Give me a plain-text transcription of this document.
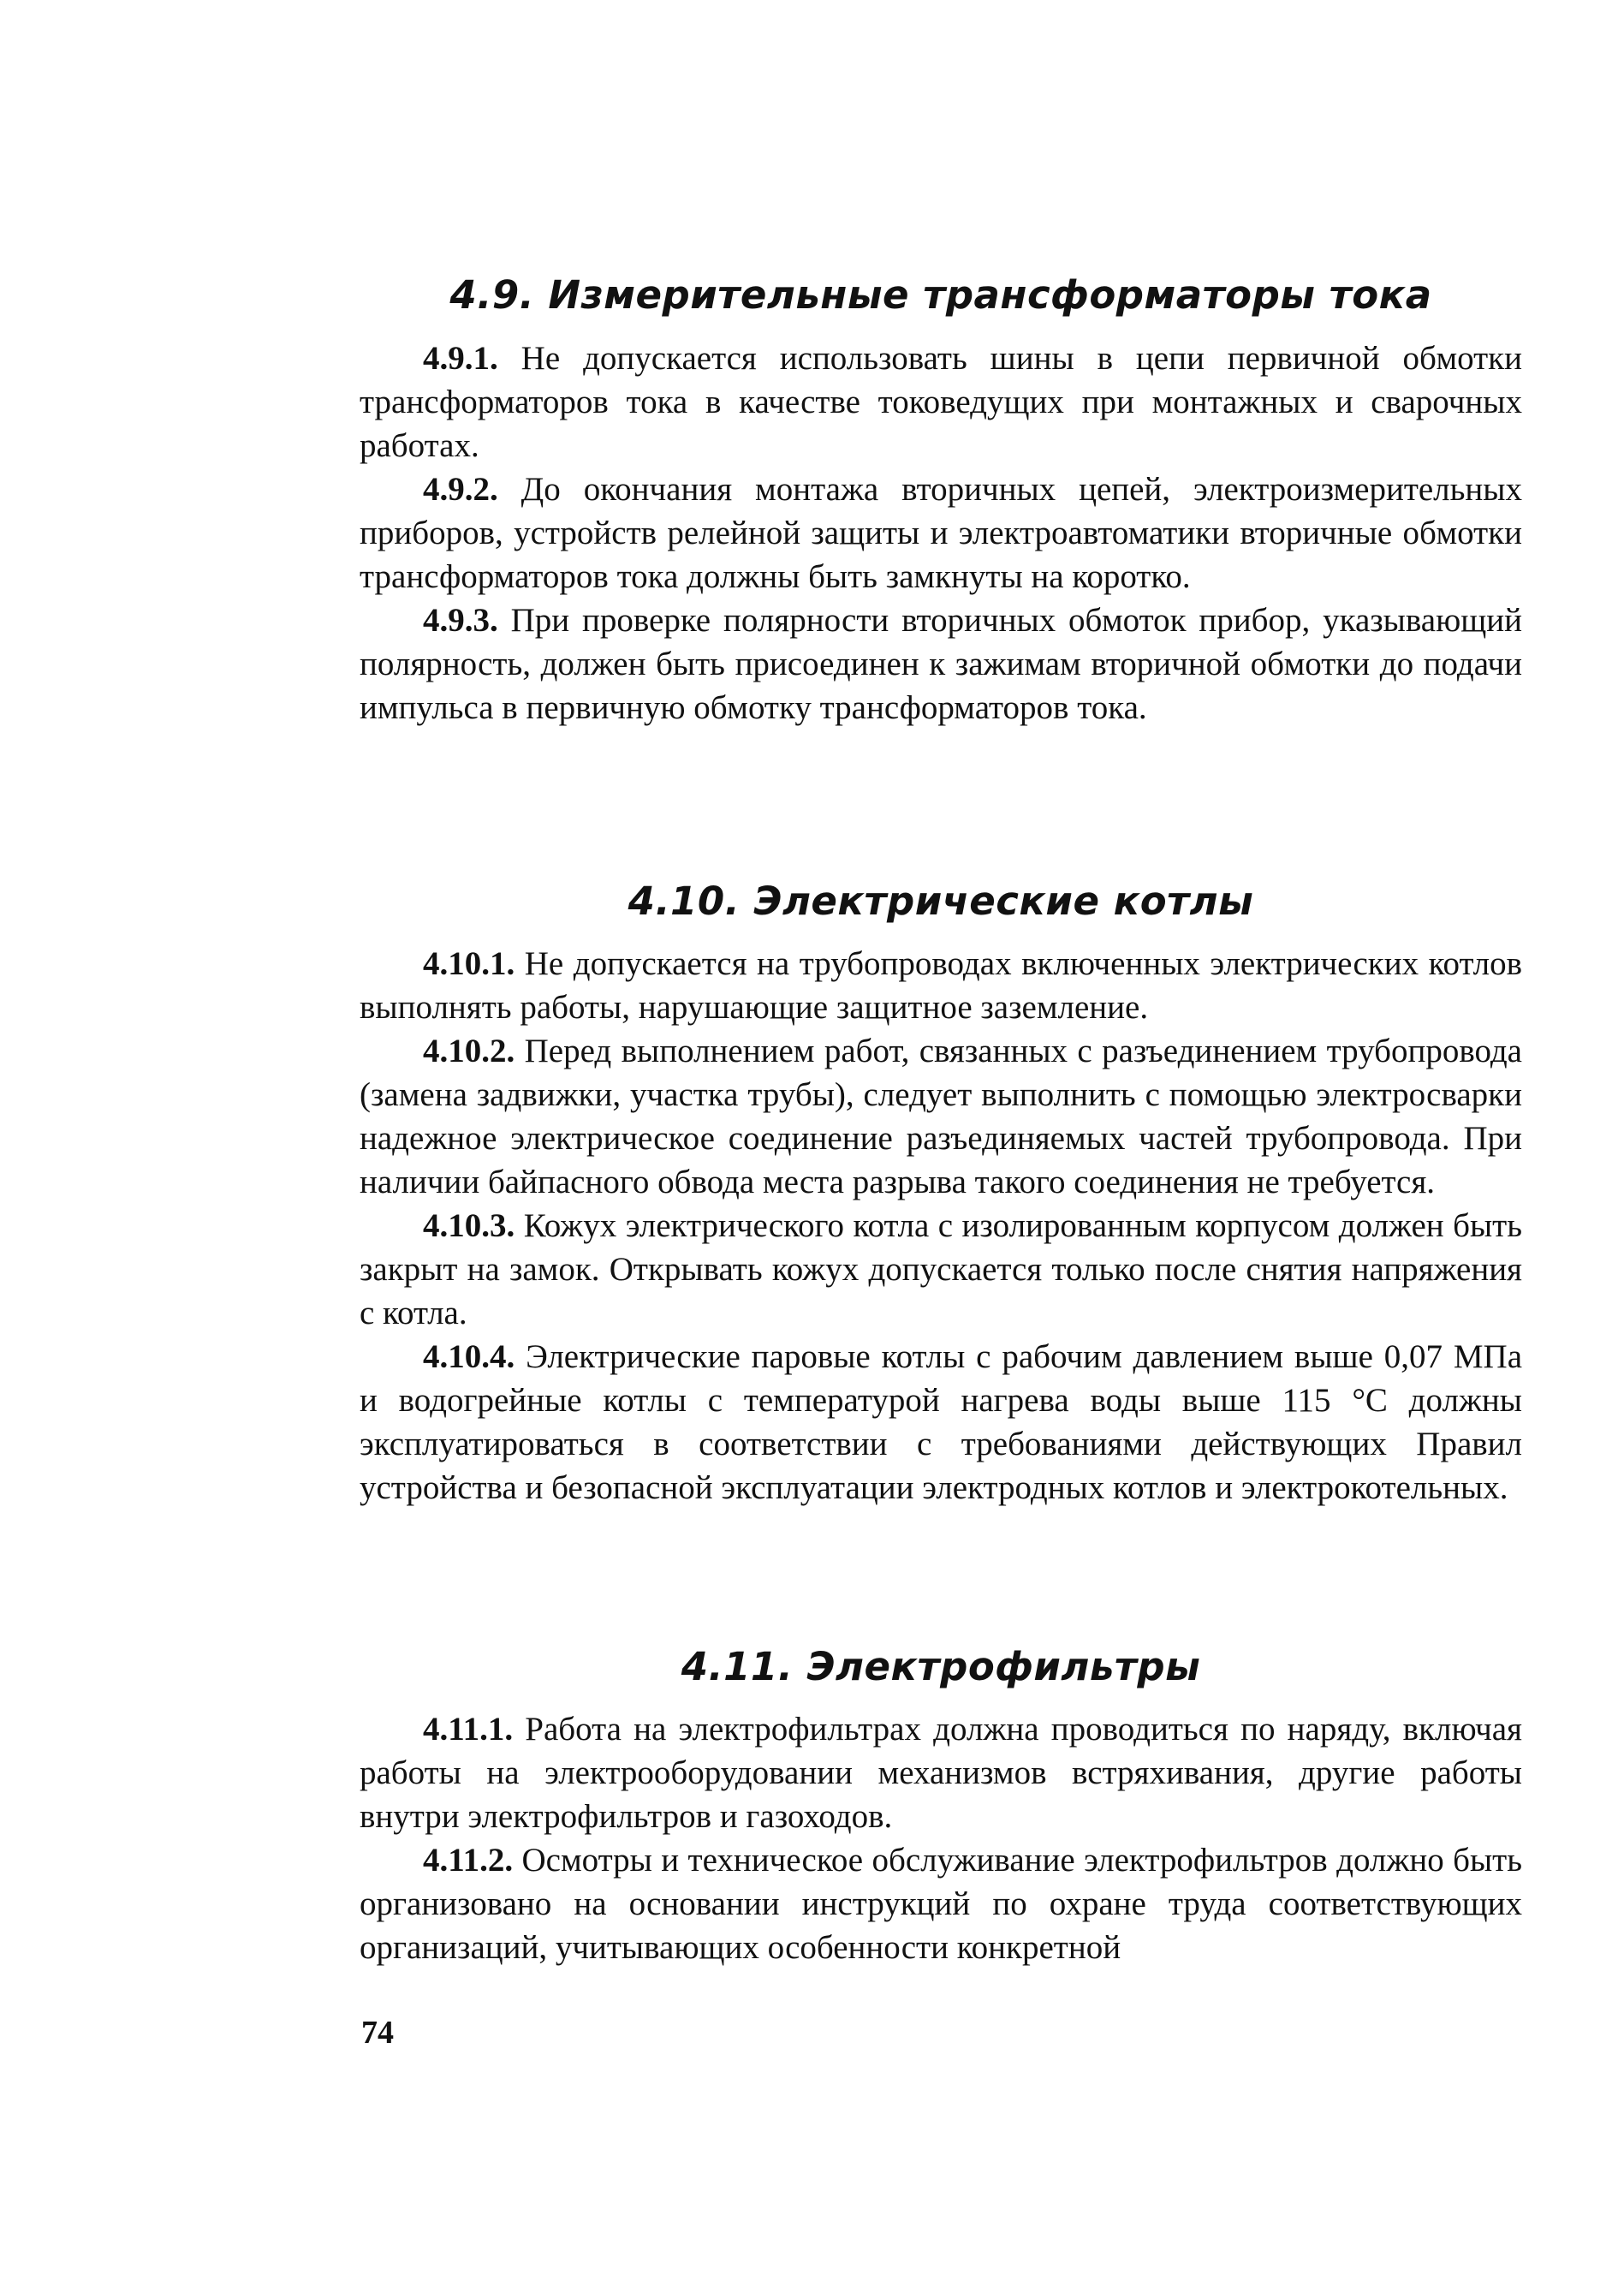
4.9. Измерительные трансформаторы тока

4.9.1. Не допускается использовать шины в цепи первичной обмотки трансформаторов тока в качестве токоведущих при монтажных и сварочных работах.

4.9.2. До окончания монтажа вторичных цепей, электроизмерительных приборов, устройств релейной защиты и электроавтоматики вторичные обмотки трансформаторов тока должны быть замкнуты на коротко.

4.9.3. При проверке полярности вторичных обмоток прибор, указывающий полярность, должен быть присоединен к зажимам вторичной обмотки до подачи импульса в первичную обмотку трансформаторов тока.

4.10. Электрические котлы

4.10.1. Не допускается на трубопроводах включенных электрических котлов выполнять работы, нарушающие защитное заземление.

4.10.2. Перед выполнением работ, связанных с разъединением трубопровода (замена задвижки, участка трубы), следует выполнить с помощью электросварки надежное электрическое соединение разъединяемых частей трубопровода. При наличии байпасного обвода места разрыва такого соединения не требуется.

4.10.3. Кожух электрического котла с изолированным корпусом должен быть закрыт на замок. Открывать кожух допускается только после снятия напряжения с котла.

4.10.4. Электрические паровые котлы с рабочим давлением выше 0,07 МПа и водогрейные котлы с температурой нагрева воды выше 115 °С должны эксплуатироваться в соответствии с требованиями действующих Правил устройства и безопасной эксплуатации электродных котлов и электрокотельных.

4.11. Электрофильтры

4.11.1. Работа на электрофильтрах должна проводиться по наряду, включая работы на электрооборудовании механизмов встряхивания, другие работы внутри электрофильтров и газоходов.

4.11.2. Осмотры и техническое обслуживание электрофильтров должно быть организовано на основании инструкций по охране труда соответствующих организаций, учитывающих особенности конкретной

74
